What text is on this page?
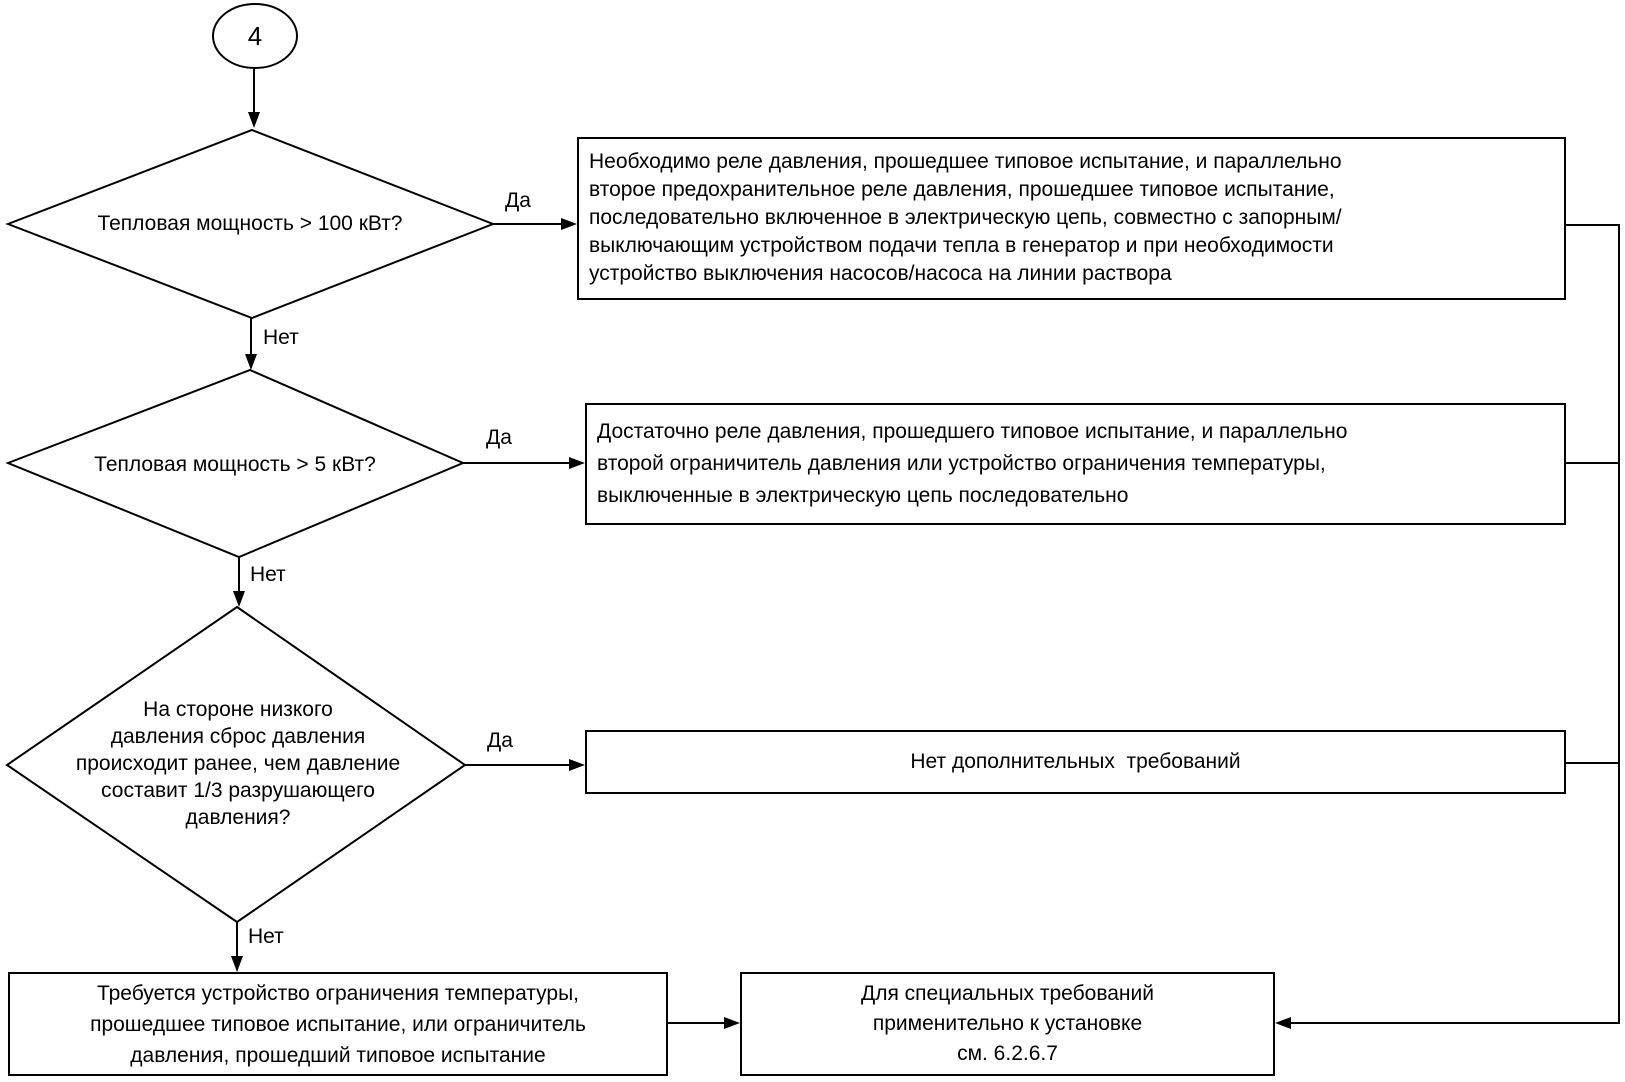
4
Тепловая мощность > 100 кВт?
Тепловая мощность > 5 кВт?
На стороне низкого
давления сброс давления
происходит ранее, чем давление
составит 1/3 разрушающего
давления?
Да
Нет
Да
Нет
Да
Нет
Необходимо реле давления, прошедшее типовое испытание, и параллельно
второе предохранительное реле давления, прошедшее типовое испытание,
последовательно включенное в электрическую цепь, совместно с запорным/
выключающим устройством подачи тепла в генератор и при необходимости
устройство выключения насосов/насоса на линии раствора
Достаточно реле давления, прошедшего типовое испытание, и параллельно
второй ограничитель давления или устройство ограничения температуры,
выключенные в электрическую цепь последовательно
Нет дополнительных  требований
Требуется устройство ограничения температуры,
прошедшее типовое испытание, или ограничитель
давления, прошедший типовое испытание
Для специальных требований
применительно к установке
см. 6.2.6.7
